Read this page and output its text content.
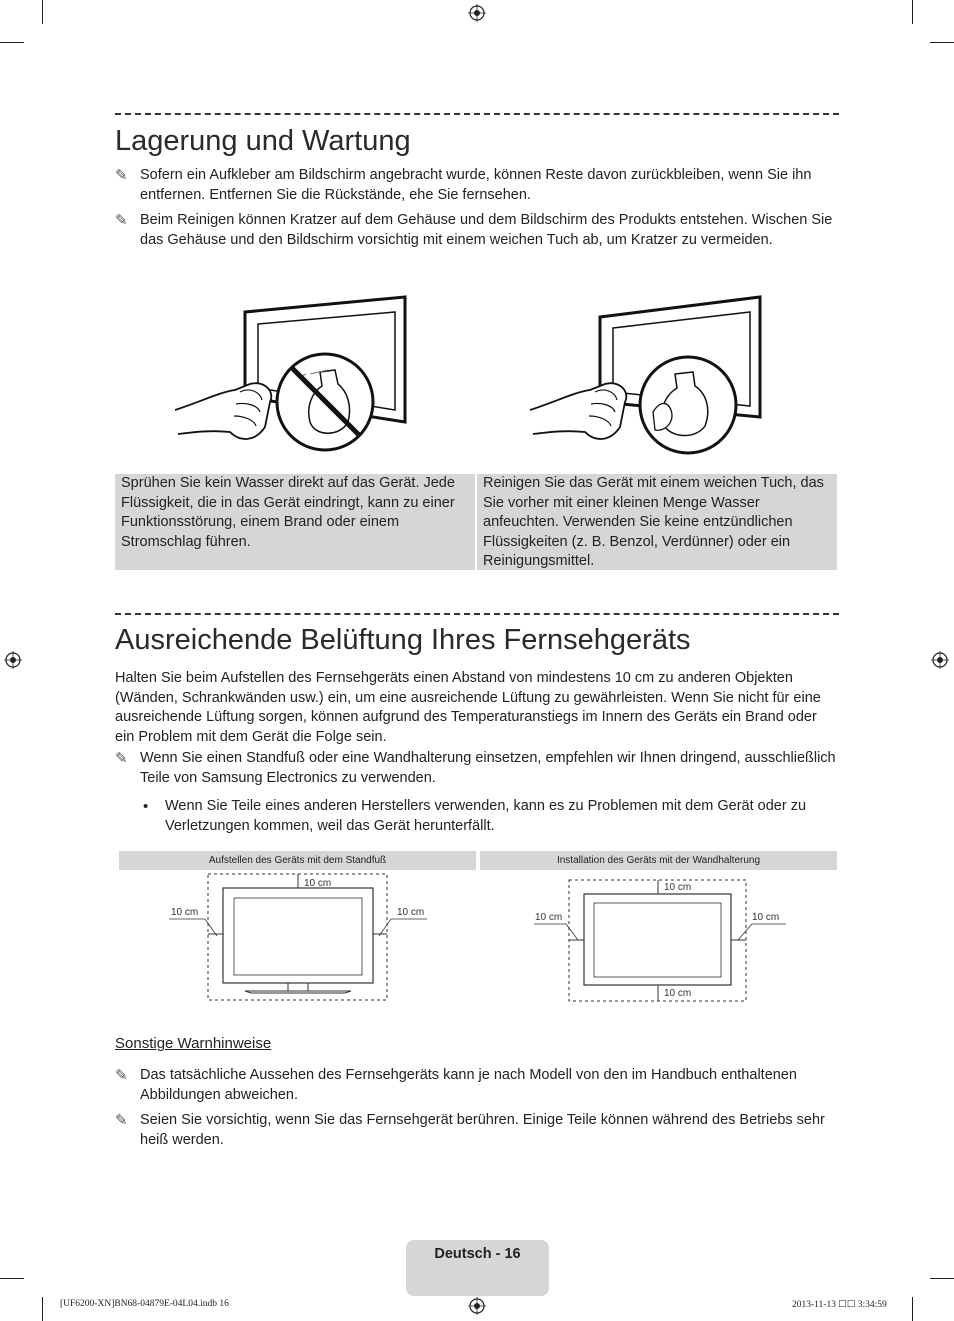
Lagerung und Wartung
✎ Sofern ein Aufkleber am Bildschirm angebracht wurde, können Reste davon zurückbleiben, wenn Sie ihn entfernen. Entfernen Sie die Rückstände, ehe Sie fernsehen.
✎ Beim Reinigen können Kratzer auf dem Gehäuse und dem Bildschirm des Produkts entstehen. Wischen Sie das Gehäuse und den Bildschirm vorsichtig mit einem weichen Tuch ab, um Kratzer zu vermeiden.
Sprühen Sie kein Wasser direkt auf das Gerät. Jede Flüssigkeit, die in das Gerät eindringt, kann zu einer Funktionsstörung, einem Brand oder einem Stromschlag führen.
Reinigen Sie das Gerät mit einem weichen Tuch, das Sie vorher mit einer kleinen Menge Wasser anfeuchten. Verwenden Sie keine entzündlichen Flüssigkeiten (z. B. Benzol, Verdünner) oder ein Reinigungsmittel.
Ausreichende Belüftung Ihres Fernsehgeräts
Halten Sie beim Aufstellen des Fernsehgeräts einen Abstand von mindestens 10 cm zu anderen Objekten (Wänden, Schrankwänden usw.) ein, um eine ausreichende Lüftung zu gewährleisten. Wenn Sie nicht für eine ausreichende Lüftung sorgen, können aufgrund des Temperaturanstiegs im Innern des Geräts ein Brand oder ein Problem mit dem Gerät die Folge sein.
✎ Wenn Sie einen Standfuß oder eine Wandhalterung einsetzen, empfehlen wir Ihnen dringend, ausschließlich Teile von Samsung Electronics zu verwenden.
• Wenn Sie Teile eines anderen Herstellers verwenden, kann es zu Problemen mit dem Gerät oder zu Verletzungen kommen, weil das Gerät herunterfällt.
Aufstellen des Geräts mit dem Standfuß
10 cm
10 cm	10 cm
Installation des Geräts mit der Wandhalterung
10 cm
10 cm	10 cm
10 cm
Sonstige Warnhinweise
✎ Das tatsächliche Aussehen des Fernsehgeräts kann je nach Modell von den im Handbuch enthaltenen Abbildungen abweichen.
✎ Seien Sie vorsichtig, wenn Sie das Fernsehgerät berühren. Einige Teile können während des Betriebs sehr heiß werden.
Deutsch - 16
[UF6200-XN]BN68-04879E-04L04.indb 16	2013-11-13 ☐☐ 3:34:59
